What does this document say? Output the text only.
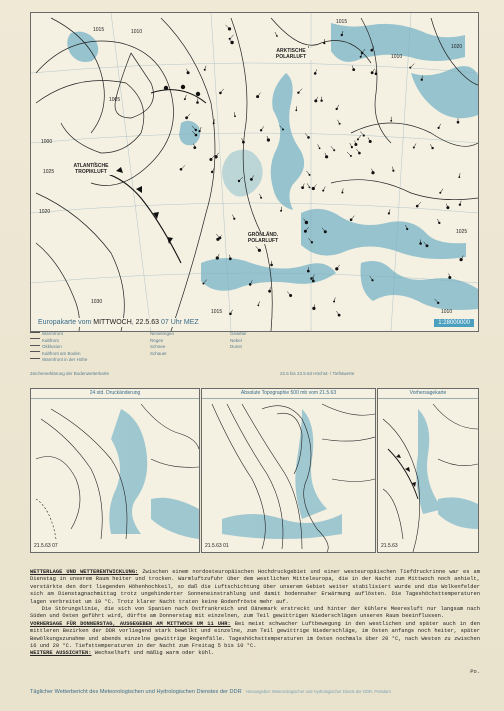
1015	1010
1005
1000
1020
1025
1030
1015
1010
1020
1025
1010
1015
ARKTISCHE POLARLUFT
ATLANTISCHE TROPIKLUFT
GRÖNLÄND. POLARLUFT
Europakarte vom MITTWOCH, 22.5.63 07 Uhr MEZ	1:28000000
Warmfront
Kaltfront
Okklusion
Kaltfront am Boden
Warmfront in der Höhe
Nieselregen
Regen
Schnee
Schauer
Gewitter
Nebel
Dunst
Zeichenerklärung der Bodenwetterkarte	22.5 bis 23.5.63 Höchst- / Tiefstwerte
24 std. Druckänderung
21.5.63 07
Absolute Topographie 500 mb vom 21.5.63
21.5.63 01
Vorhersagekarte
21.5.63

WETTERLAGE UND WETTERENTWICKLUNG: Zwischen einem nordosteuropäischen Hochdruckgebiet und einer westeuropäischen Tiefdruckrinne war es am Dienstag in unserem Raum heiter und trocken. Warmluftzufuhr über dem westlichen Mitteleuropa, die in der Nacht zum Mittwoch noch anhielt, verstärkte den dort liegenden Höhenhochkeil, so daß die Luftschichtung über unserem Gebiet weiter stabilisiert wurde und die Wolkenfelder sich am Dienstagnachmittag trotz ungehinderter Sonneneinstrahlung und damit bodennaher Erwärmung auflösten. Die Tageshöchsttemperaturen lagen verbreitet um 19 °C. Trotz klarer Nacht traten keine Bodenfröste mehr auf.

Die Störungslinie, die sich von Spanien nach Ostfrankreich und Dänemark erstreckt und hinter der kühlere Meeresluft nur langsam nach Süden und Osten geführt wird, dürfte am Donnerstag mit einzelnen, zum Teil gewittrigen Niederschlägen unseren Raum beeinflussen.

VORHERSAGE FÜR DONNERSTAG, AUSGEGEBEN AM MITTWOCH UM 11 UHR: Bei meist schwacher Luftbewegung in den westlichen und später auch in den mittleren Bezirken der DDR vorliegend stark bewölkt und einzelne, zum Teil gewittrige Niederschläge, im Osten anfangs noch heiter, später Bewölkungszunahme und abends einzelne gewittrige Regenfälle. Tageshöchsttemperaturen im Osten nochmals über 20 °C, nach Westen zu zwischen 16 und 20 °C. Tiefsttemperaturen in der Nacht zum Freitag 5 bis 10 °C.

WEITERE AUSSICHTEN: Wechselhaft und mäßig warm oder kühl.

Po.
Täglicher Wetterbericht des Meteorologischen und Hydrologischen Dienstes der DDR Herausgeber: Meteorologischer und Hydrologischer Dienst der DDR, Potsdam
